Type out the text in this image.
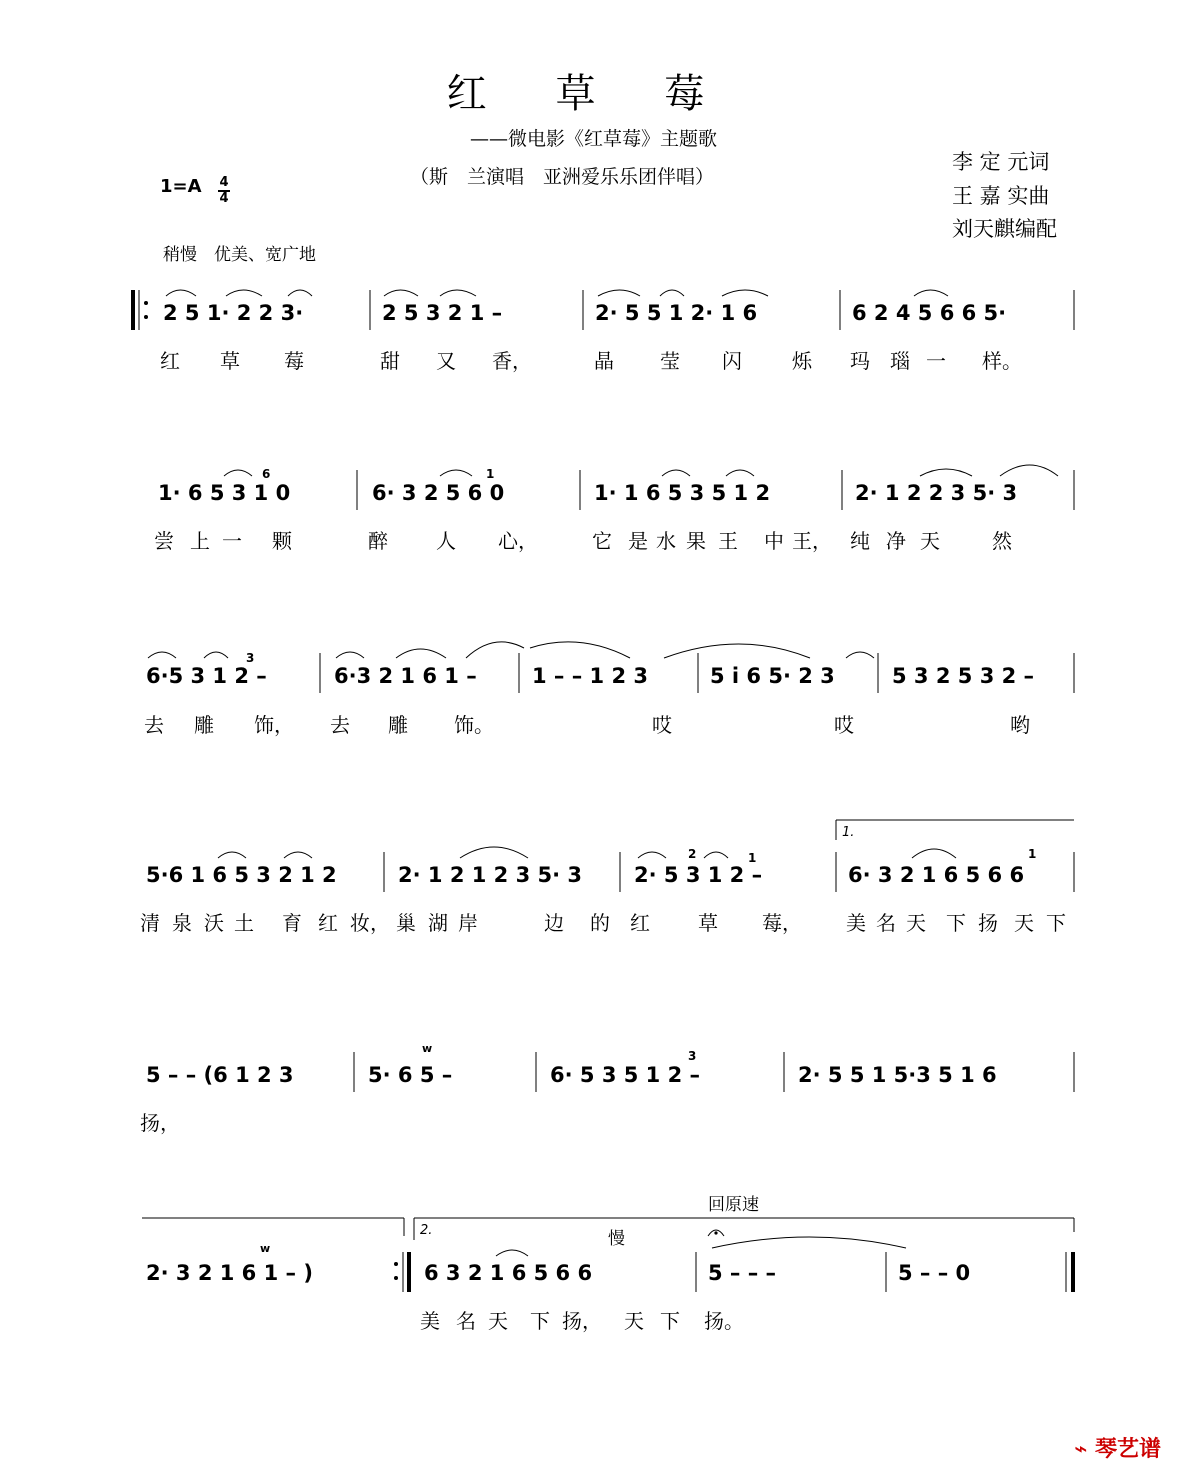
红 草 莓
——微电影《红草莓》主题歌
（斯　兰演唱　亚洲爱乐乐团伴唱）
李 定 元词
王 嘉 实曲
刘天麒编配
1=A 4
4
稍慢　优美、宽广地
2 5 1· 2 2 3·	2 5 3 2 1 –	2· 5 5 1 2· 1 6	6 2 4 5 6 6 5·
红 草 莓	甜 又 香，	晶 莹 闪	烁 玛 瑙 一 样。
1· 6 5 3 1 0
6
6· 3 2 5 6 0
1
1· 1 6 5 3 5 1 2	2· 1 2 2 3 5· 3
尝 上 一 颗	醉 人 心，	它 是 水 果 王 中 王， 纯 净 天	然
6·5 3 1 2 –
3
6·3 2 1 6 1 –	1 – – 1 2 3	5 i 6 5· 2 3	5 3 2 5 3 2 –
去 雕 饰， 去 雕 饰。	哎	哎	哟
1.
5·6 1 6 5 3 2 1 2	2· 1 2 1 2 3 5· 3 2· 5 3 1 2 –
2	1
6· 3 2 1 6 5 6 6
1
清 泉 沃 土 育 红 妆， 巢 湖 岸	边 的 红 草 莓， 美 名 天 下 扬 天 下
5 – – (6 1 2 3	5· 6 5 –	6· 5 3 5 1 2 –
3
2· 5 5 1 5·3 5 1 6
ᴡ
扬，
2.
回原速
慢
2· 3 2 1 6 1 – )
ᴡ
6 3 2 1 6 5 6 6	5 – – –	5 – – 0
美 名 天 下 扬， 天 下 扬。
⌁ 琴艺谱
